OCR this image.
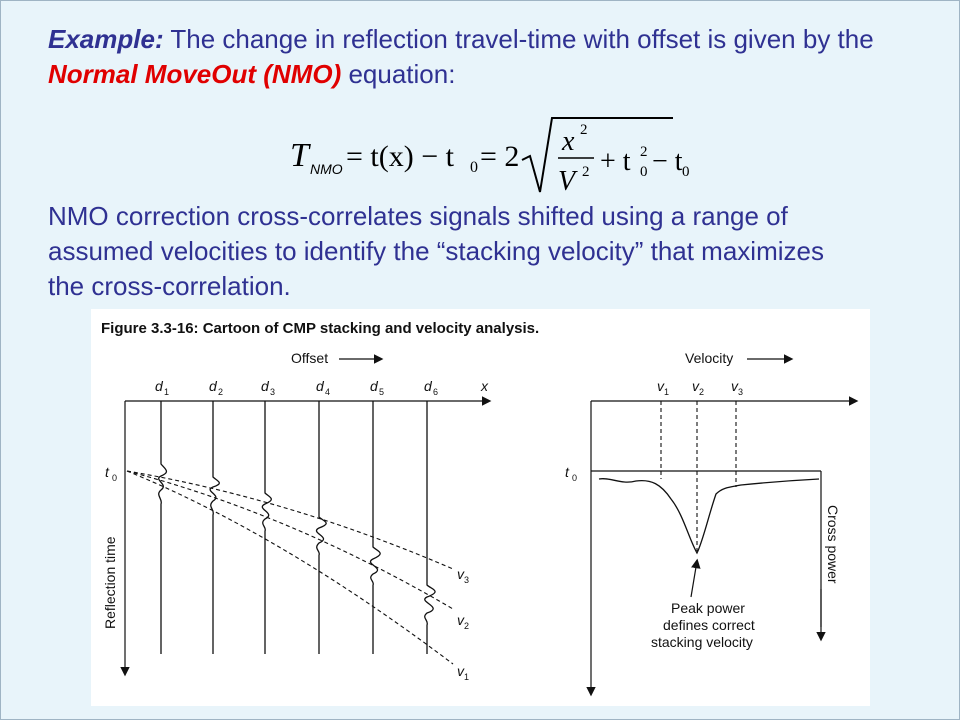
Example: The change in reflection travel-time with offset is given by the Normal MoveOut (NMO) equation:
T NMO = t(x) − t 0 = 2 x 2
V 2 + t 0
2 − t 0
NMO correction cross-correlates signals shifted using a range of assumed velocities to identify the “stacking velocity” that maximizes the cross-correlation.
Figure 3.3-16: Cartoon of CMP stacking and velocity analysis.
Offset
x
d 1	d 2	d 3	d 4	d 5	d 6
t 0
v 3
v 2
v 1
Reflection time
Velocity
v 1 v 2 v 3
t 0
Cross power
Peak power
defines correct
stacking velocity
